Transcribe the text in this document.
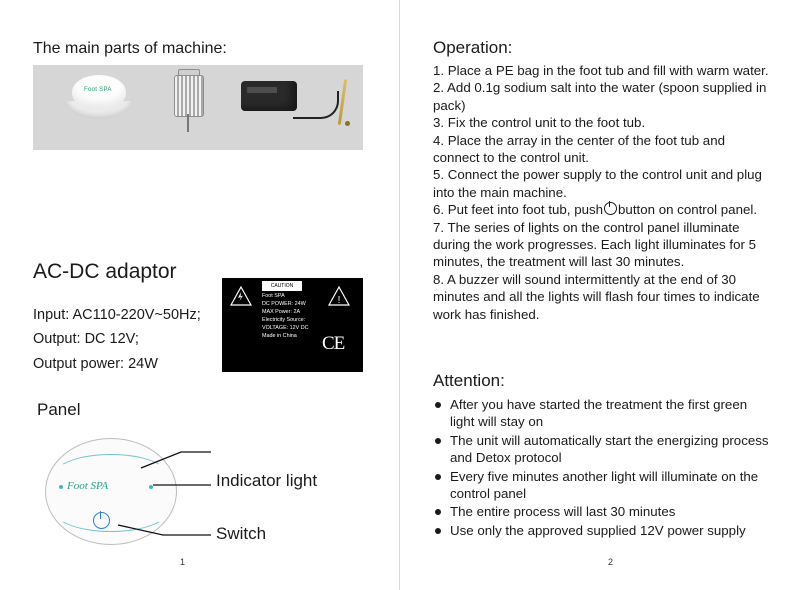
The main parts of machine:
Foot SPA
AC-DC adaptor
Input: AC110-220V~50Hz;
Output: DC 12V;
Output power: 24W
CAUTION
!
Foot SPA
DC POWER: 24W
MAX Power: 2A
Electricity Source:
VOLTAGE: 12V DC
Made in China	CE
Panel
Foot SPA	Indicator light
Switch
1
Operation:
1. Place a PE bag in the foot tub and fill with warm water.
2. Add 0.1g sodium salt into the water (spoon supplied in pack)
3. Fix the control unit to the foot tub.
4. Place the array in the center of the foot tub and connect to the control unit.
5. Connect the power supply to the control unit and plug into the main machine.
6. Put feet into foot tub, push button on control panel.
7. The series of lights on the control panel illuminate during the work progresses. Each light illuminates for 5 minutes, the treatment will last 30 minutes.
8. A buzzer will sound intermittently at the end of 30 minutes and all the lights will flash four times to indicate work has finished.
Attention:
After you have started the treatment the first green light will stay on
The unit will automatically start the energizing process and Detox protocol
Every five minutes another light will illuminate on the control panel
The entire process will last 30 minutes
Use only the approved supplied 12V power supply
2
